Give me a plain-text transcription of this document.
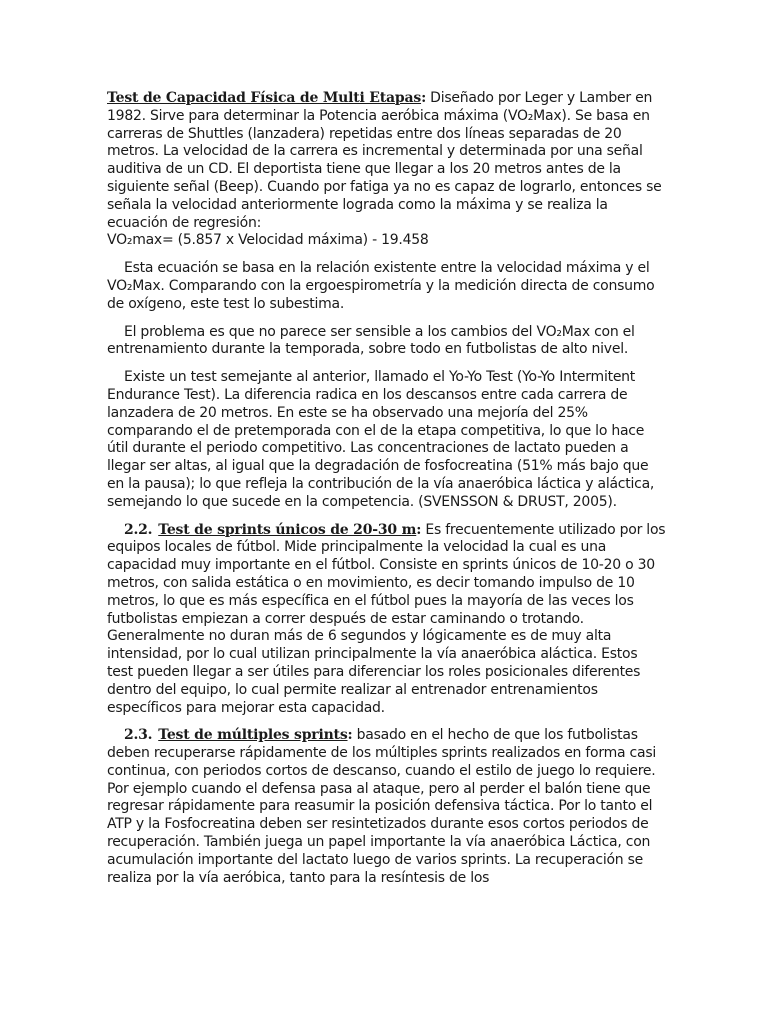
Test de Capacidad Física de Multi Etapas: Diseñado por Leger y Lamber en 1982. Sirve para determinar la Potencia aeróbica máxima (VO₂Max). Se basa en carreras de Shuttles (lanzadera) repetidas entre dos líneas separadas de 20 metros. La velocidad de la carrera es incremental y determinada por una señal auditiva de un CD. El deportista tiene que llegar a los 20 metros antes de la siguiente señal (Beep). Cuando por fatiga ya no es capaz de lograrlo, entonces se señala la velocidad anteriormente lograda como la máxima y se realiza la ecuación de regresión:
VO₂max= (5.857 x Velocidad máxima) - 19.458

Esta ecuación se basa en la relación existente entre la velocidad máxima y el VO₂Max. Comparando con la ergoespirometría y la medición directa de consumo de oxígeno, este test lo subestima.

El problema es que no parece ser sensible a los cambios del VO₂Max con el entrenamiento durante la temporada, sobre todo en futbolistas de alto nivel.

Existe un test semejante al anterior, llamado el Yo-Yo Test (Yo-Yo Intermitent Endurance Test). La diferencia radica en los descansos entre cada carrera de lanzadera de 20 metros. En este se ha observado una mejoría del 25% comparando el de pretemporada con el de la etapa competitiva, lo que lo hace útil durante el periodo competitivo. Las concentraciones de lactato pueden a llegar ser altas, al igual que la degradación de fosfocreatina (51% más bajo que en la pausa); lo que refleja la contribución de la vía anaeróbica láctica y aláctica, semejando lo que sucede en la competencia. (SVENSSON & DRUST, 2005).

2.2. Test de sprints únicos de 20-30 m: Es frecuentemente utilizado por los equipos locales de fútbol. Mide principalmente la velocidad la cual es una capacidad muy importante en el fútbol. Consiste en sprints únicos de 10-20 o 30 metros, con salida estática o en movimiento, es decir tomando impulso de 10 metros, lo que es más específica en el fútbol pues la mayoría de las veces los futbolistas empiezan a correr después de estar caminando o trotando. Generalmente no duran más de 6 segundos y lógicamente es de muy alta intensidad, por lo cual utilizan principalmente la vía anaeróbica aláctica. Estos test pueden llegar a ser útiles para diferenciar los roles posicionales diferentes dentro del equipo, lo cual permite realizar al entrenador entrenamientos específicos para mejorar esta capacidad.

2.3. Test de múltiples sprints: basado en el hecho de que los futbolistas deben recuperarse rápidamente de los múltiples sprints realizados en forma casi continua, con periodos cortos de descanso, cuando el estilo de juego lo requiere. Por ejemplo cuando el defensa pasa al ataque, pero al perder el balón tiene que regresar rápidamente para reasumir la posición defensiva táctica. Por lo tanto el ATP y la Fosfocreatina deben ser resintetizados durante esos cortos periodos de recuperación. También juega un papel importante la vía anaeróbica Láctica, con acumulación importante del lactato luego de varios sprints. La recuperación se realiza por la vía aeróbica, tanto para la resíntesis de los
